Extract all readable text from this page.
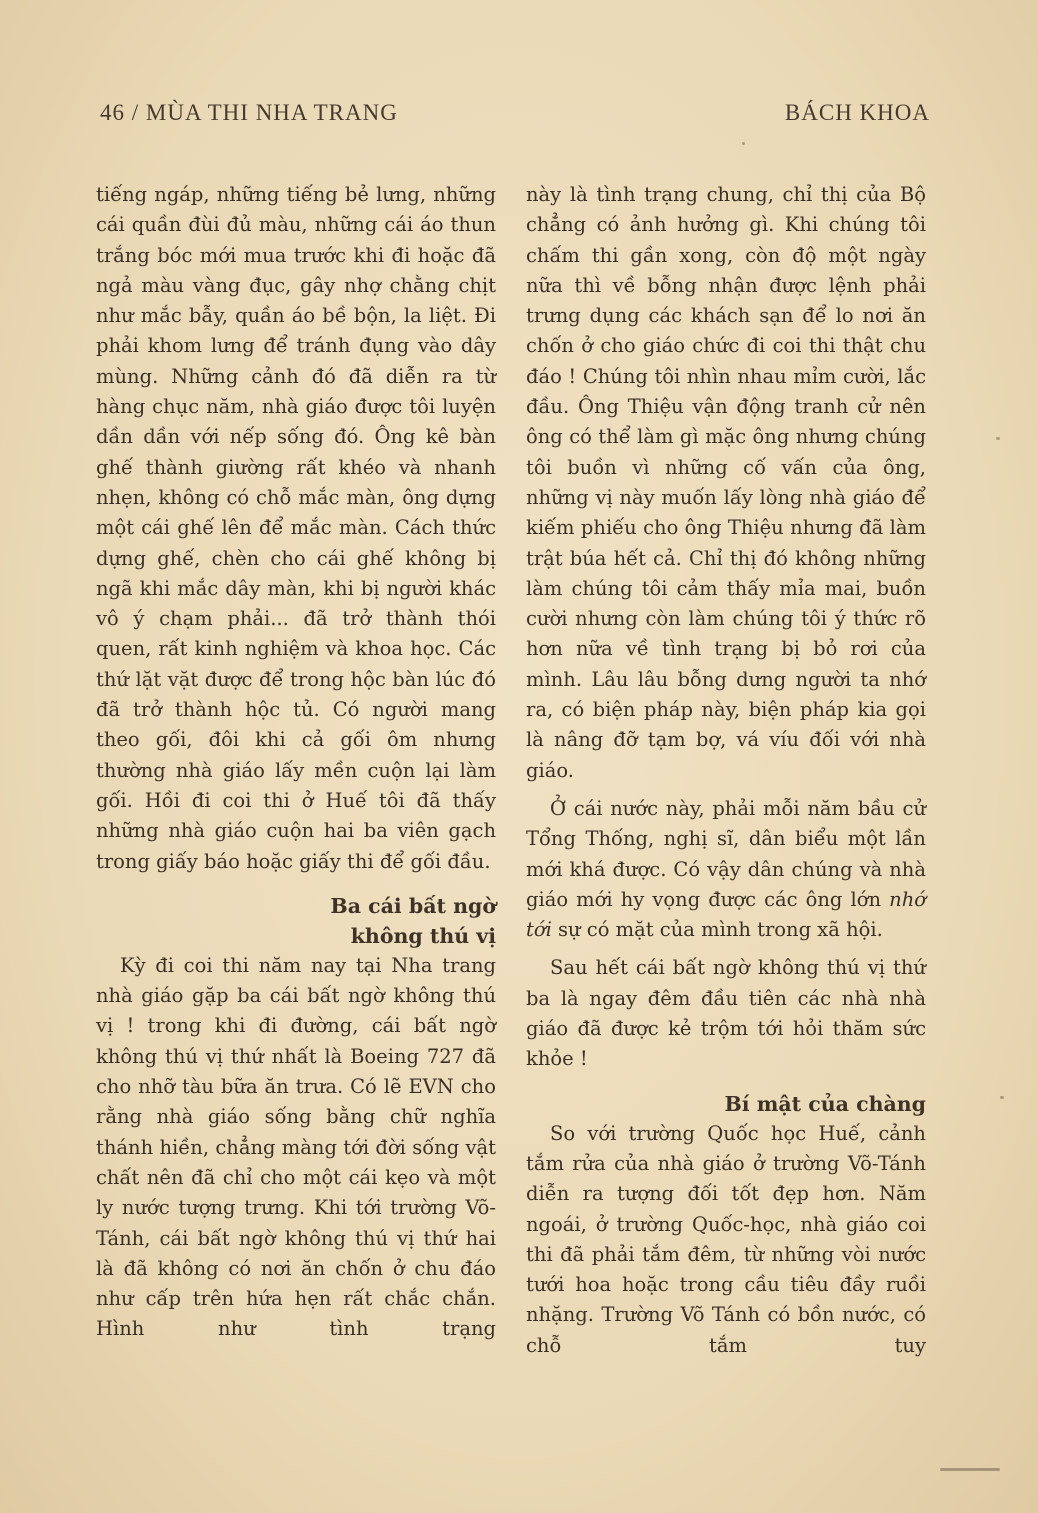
46 / MÙA THI NHA TRANG	BÁCH KHOA

tiếng ngáp, những tiếng bẻ lưng, những cái quần đùi đủ màu, những cái áo thun trắng bóc mới mua trước khi đi hoặc đã ngả màu vàng đục, gây nhợ chằng chịt như mắc bẫy, quần áo bề bộn, la liệt. Đi phải khom lưng để tránh đụng vào dây mùng. Những cảnh đó đã diễn ra từ hàng chục năm, nhà giáo được tôi luyện dần dần với nếp sống đó. Ông kê bàn ghế thành giường rất khéo và nhanh nhẹn, không có chỗ mắc màn, ông dựng một cái ghế lên để mắc màn. Cách thức dựng ghế, chèn cho cái ghế không bị ngã khi mắc dây màn, khi bị người khác vô ý chạm phải... đã trở thành thói quen, rất kinh nghiệm và khoa học. Các thứ lặt vặt được để trong hộc bàn lúc đó đã trở thành hộc tủ. Có người mang theo gối, đôi khi cả gối ôm nhưng thường nhà giáo lấy mền cuộn lại làm gối. Hồi đi coi thi ở Huế tôi đã thấy những nhà giáo cuộn hai ba viên gạch trong giấy báo hoặc giấy thi để gối đầu.

Ba cái bất ngờ
không thú vị

Kỳ đi coi thi năm nay tại Nha trang nhà giáo gặp ba cái bất ngờ không thú vị ! trong khi đi đường, cái bất ngờ không thú vị thứ nhất là Boeing 727 đã cho nhỡ tàu bữa ăn trưa. Có lẽ EVN cho rằng nhà giáo sống bằng chữ nghĩa thánh hiền, chẳng màng tới đời sống vật chất nên đã chỉ cho một cái kẹo và một ly nước tượng trưng. Khi tới trường Võ-Tánh, cái bất ngờ không thú vị thứ hai là đã không có nơi ăn chốn ở chu đáo như cấp trên hứa hẹn rất chắc chắn. Hình như tình trạng

này là tình trạng chung, chỉ thị của Bộ chẳng có ảnh hưởng gì. Khi chúng tôi chấm thi gần xong, còn độ một ngày nữa thì về bỗng nhận được lệnh phải trưng dụng các khách sạn để lo nơi ăn chốn ở cho giáo chức đi coi thi thật chu đáo ! Chúng tôi nhìn nhau mỉm cười, lắc đầu. Ông Thiệu vận động tranh cử nên ông có thể làm gì mặc ông nhưng chúng tôi buồn vì những cố vấn của ông, những vị này muốn lấy lòng nhà giáo để kiếm phiếu cho ông Thiệu nhưng đã làm trật búa hết cả. Chỉ thị đó không những làm chúng tôi cảm thấy mỉa mai, buồn cười nhưng còn làm chúng tôi ý thức rõ hơn nữa về tình trạng bị bỏ rơi của mình. Lâu lâu bỗng dưng người ta nhớ ra, có biện pháp này, biện pháp kia gọi là nâng đỡ tạm bợ, vá víu đối với nhà giáo.

Ở cái nước này, phải mỗi năm bầu cử Tổng Thống, nghị sĩ, dân biểu một lần mới khá được. Có vậy dân chúng và nhà giáo mới hy vọng được các ông lớn nhớ tới sự có mặt của mình trong xã hội.

Sau hết cái bất ngờ không thú vị thứ ba là ngay đêm đầu tiên các nhà nhà giáo đã được kẻ trộm tới hỏi thăm sức khỏe !

Bí mật của chàng

So với trường Quốc học Huế, cảnh tắm rửa của nhà giáo ở trường Võ-Tánh diễn ra tượng đối tốt đẹp hơn. Năm ngoái, ở trường Quốc-học, nhà giáo coi thi đã phải tắm đêm, từ những vòi nước tưới hoa hoặc trong cầu tiêu đầy ruồi nhặng. Trường Võ Tánh có bồn nước, có chỗ tắm tuy
